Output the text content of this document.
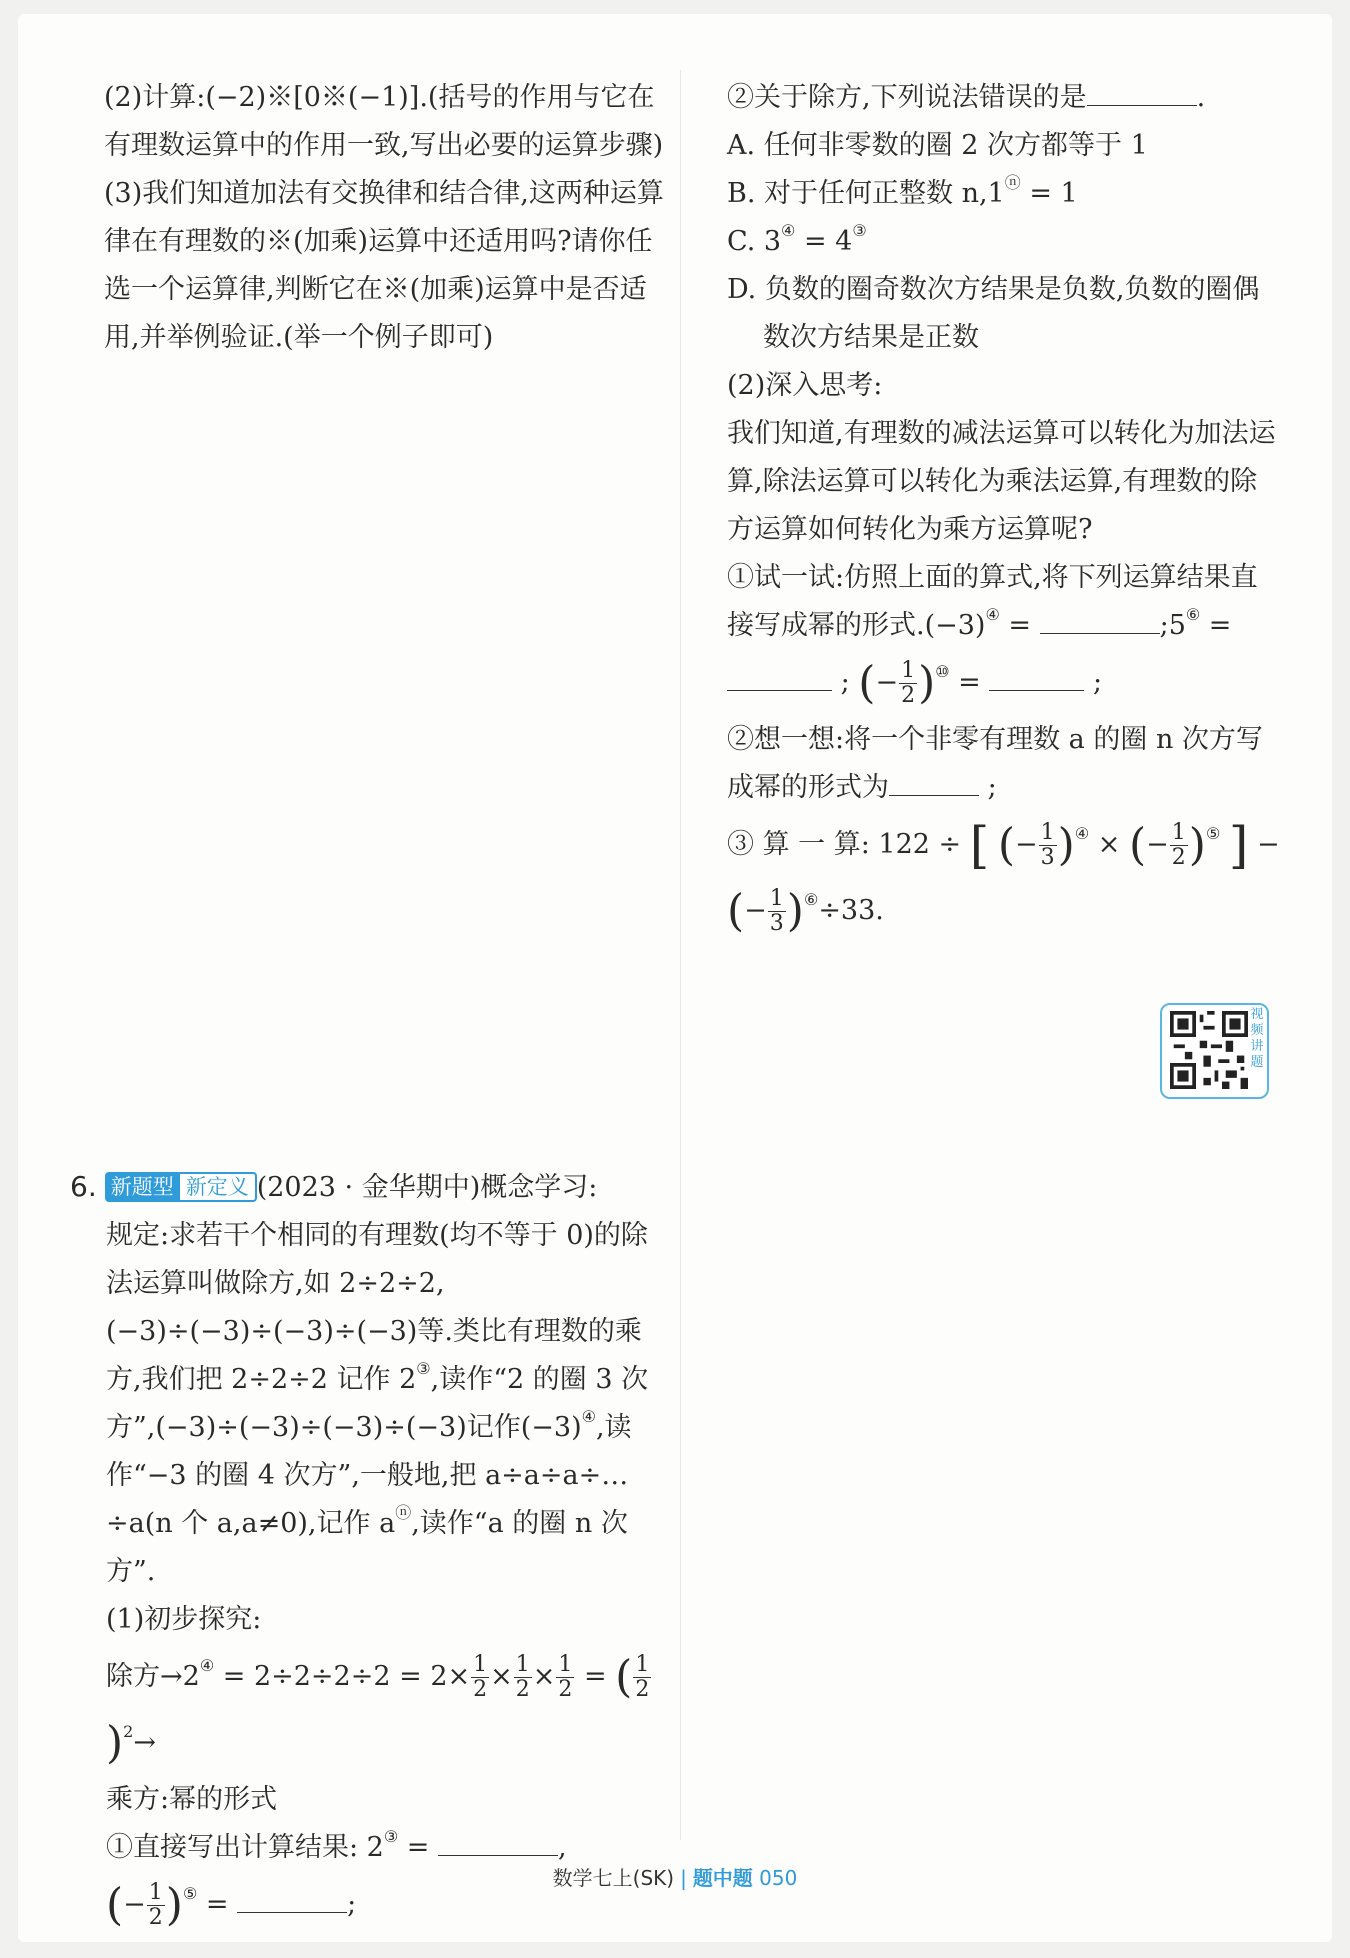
(2)计算:(−2)※[0※(−1)].(括号的作用与它在有理数运算中的作用一致,写出必要的运算步骤)

(3)我们知道加法有交换律和结合律,这两种运算律在有理数的※(加乘)运算中还适用吗?请你任选一个运算律,判断它在※(加乘)运算中是否适用,并举例验证.(举一个例子即可)

②关于除方,下列说法错误的是	.

A. 任何非零数的圈 2 次方都等于 1

B. 对于任何正整数 n,1ⓝ = 1

C. 3④ = 4③

D. 负数的圈奇数次方结果是负数,负数的圈偶数次方结果是正数

(2)深入思考:

我们知道,有理数的减法运算可以转化为加法运算,除法运算可以转化为乘法运算,有理数的除方运算如何转化为乘方运算呢?

①试一试:仿照上面的算式,将下列运算结果直接写成幂的形式.(−3)④ =	;5⑥ =

; (− $\frac{1}{2} )^⑩$ =	;

②想一想:将一个非零有理数 a 的圈 n 次方写成幂的形式为	;

③ 算 一 算: 122 ÷ [ (− $\frac{1}{3} )^④$ × (− $\frac{1}{2} )^⑤$ ] −

(− $\frac{1}{3} )^⑥\div 33$.

视频讲题

6. 新题型 新定义 (2023 · 金华期中)概念学习:

规定:求若干个相同的有理数(均不等于 0)的除法运算叫做除方,如 2÷2÷2,(−3)÷(−3)÷(−3)÷(−3)等.类比有理数的乘方,我们把 2÷2÷2 记作 2③,读作“2 的圈 3 次方”,(−3)÷(−3)÷(−3)÷(−3)记作(−3)④,读作“−3 的圈 4 次方”,一般地,把 a÷a÷a÷…÷a(n 个 a,a≠0),记作 aⓝ,读作“a 的圈 n 次方”.

(1)初步探究:

除方$\to 2^④ = 2\div 2\div 2\div 2 = 2\times \frac{1}{2} \times \frac{1}{2} \times \frac{1}{2}$ = ( $\frac{1}{2}$
)$^2$→

乘方:幂的形式

①直接写出计算结果: 2③ =	,

(− $\frac{1}{2} )^⑤$ =	;

数学七上(SK) | 题中题 050
